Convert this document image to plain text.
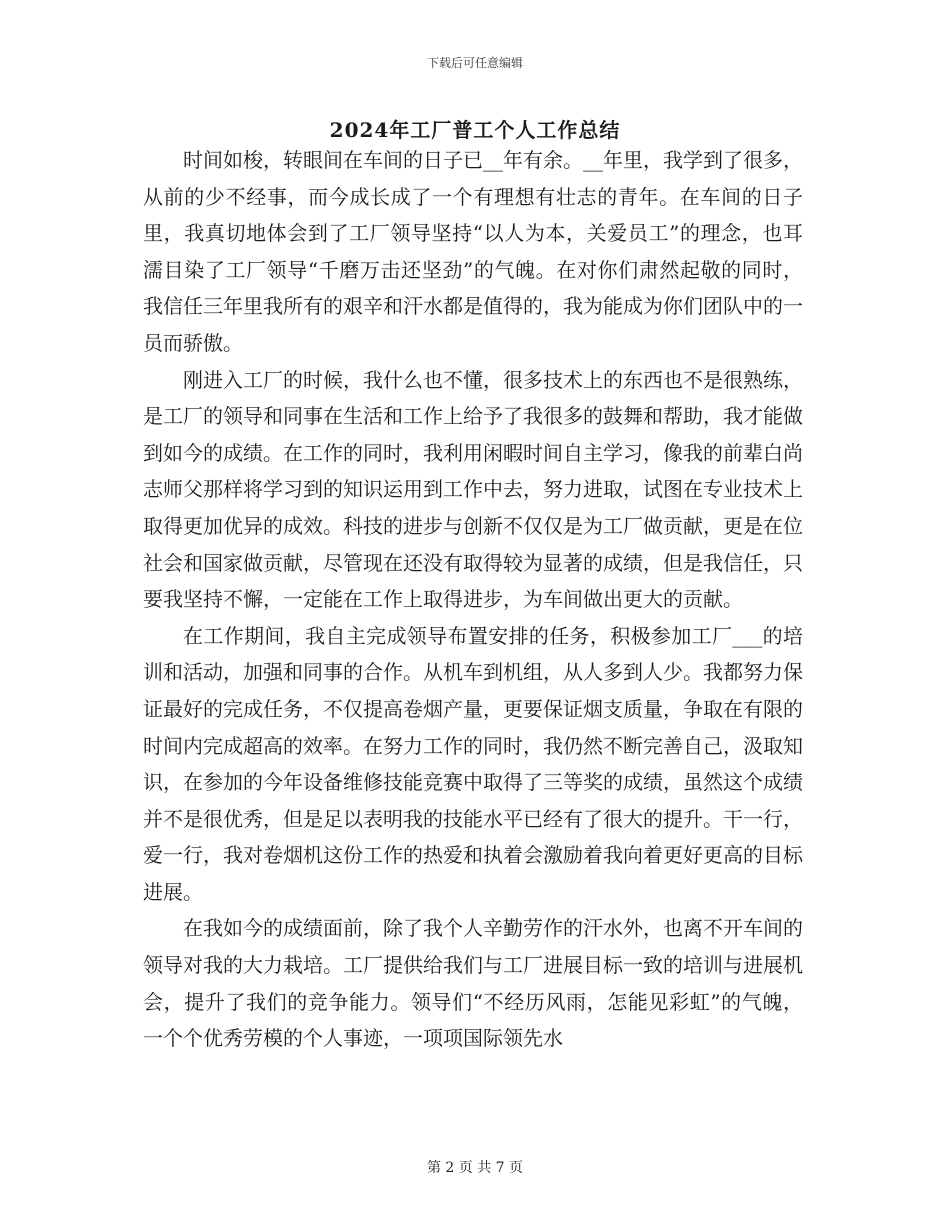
下载后可任意编辑
2024年工厂普工个人工作总结

时间如梭，转眼间在车间的日子已__年有余。__年里，我学到了很多，从前的少不经事，而今成长成了一个有理想有壮志的青年。在车间的日子里，我真切地体会到了工厂领导坚持“以人为本，关爱员工”的理念，也耳濡目染了工厂领导“千磨万击还坚劲”的气魄。在对你们肃然起敬的同时，我信任三年里我所有的艰辛和汗水都是值得的，我为能成为你们团队中的一员而骄傲。

刚进入工厂的时候，我什么也不懂，很多技术上的东西也不是很熟练，是工厂的领导和同事在生活和工作上给予了我很多的鼓舞和帮助，我才能做到如今的成绩。在工作的同时，我利用闲暇时间自主学习，像我的前辈白尚志师父那样将学习到的知识运用到工作中去，努力进取，试图在专业技术上取得更加优异的成效。科技的进步与创新不仅仅是为工厂做贡献，更是在位社会和国家做贡献，尽管现在还没有取得较为显著的成绩，但是我信任，只要我坚持不懈，一定能在工作上取得进步，为车间做出更大的贡献。

在工作期间，我自主完成领导布置安排的任务，积极参加工厂___的培训和活动，加强和同事的合作。从机车到机组，从人多到人少。我都努力保证最好的完成任务，不仅提高卷烟产量，更要保证烟支质量，争取在有限的时间内完成超高的效率。在努力工作的同时，我仍然不断完善自己，汲取知识，在参加的今年设备维修技能竞赛中取得了三等奖的成绩，虽然这个成绩并不是很优秀，但是足以表明我的技能水平已经有了很大的提升。干一行，爱一行，我对卷烟机这份工作的热爱和执着会激励着我向着更好更高的目标进展。

在我如今的成绩面前，除了我个人辛勤劳作的汗水外，也离不开车间的领导对我的大力栽培。工厂提供给我们与工厂进展目标一致的培训与进展机会，提升了我们的竞争能力。领导们“不经历风雨，怎能见彩虹”的气魄，一个个优秀劳模的个人事迹，一项项国际领先水

第 2 页 共 7 页
